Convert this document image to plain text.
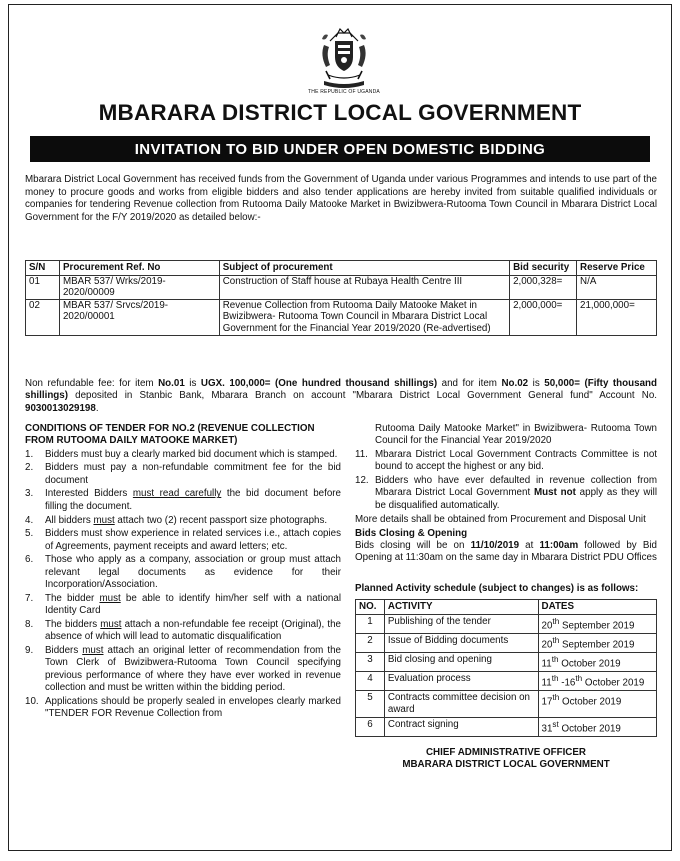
THE REPUBLIC OF UGANDA
MBARARA DISTRICT LOCAL GOVERNMENT
INVITATION TO BID UNDER OPEN DOMESTIC BIDDING
Mbarara District Local Government has received funds from the Government of Uganda under various Programmes and intends to use part of the money to procure goods and works from eligible bidders and also tender applications are hereby invited from suitable qualified individuals or companies for tendering Revenue collection from Rutooma Daily Matooke Market in Bwizibwera-Rutooma Town Council in Mbarara District Local Government for the F/Y 2019/2020 as detailed below:-
S/N	Procurement Ref. No	Subject of procurement	Bid security	Reserve Price
01	MBAR 537/ Wrks/2019-2020/00009	Construction of Staff house at Rubaya Health Centre III	2,000,328=	N/A
02	MBAR 537/ Srvcs/2019-2020/00001	Revenue Collection from Rutooma Daily Matooke Maket in Bwizibwera- Rutooma Town Council in Mbarara District Local Government for the Financial Year 2019/2020 (Re-advertised)	2,000,000=	21,000,000=
Non refundable fee: for item No.01 is UGX. 100,000= (One hundred thousand shillings) and for item No.02 is 50,000= (Fifty thousand shillings) deposited in Stanbic Bank, Mbarara Branch on account "Mbarara District Local Government General fund" Account No. 9030013029198.
CONDITIONS OF TENDER FOR NO.2 (REVENUE COLLECTION FROM RUTOOMA DAILY MATOOKE MARKET)
1.	Bidders must buy a clearly marked bid document which is stamped.
2.	Bidders must pay a non-refundable commitment fee for the bid document
3.	Interested Bidders must read carefully the bid document before filling the document.
4.	All bidders must attach two (2) recent passport size photographs.
5.	Bidders must show experience in related services i.e., attach copies of Agreements, payment receipts and award letters; etc.
6.	Those who apply as a company, association or group must attach relevant legal documents as evidence for their Incorporation/Association.
7.	The bidder must be able to identify him/her self with a national Identity Card
8.	The bidders must attach a non-refundable fee receipt (Original), the absence of which will lead to automatic disqualification
9.	Bidders must attach an original letter of recommendation from the Town Clerk of Bwizibwera-Rutooma Town Council specifying previous performance of where they have ever worked in revenue collection and must be written within the bidding period.
10. Applications should be properly sealed in envelopes clearly marked "TENDER FOR Revenue Collection from
Rutooma Daily Matooke Market" in Bwizibwera- Rutooma Town Council for the Financial Year 2019/2020
11. Mbarara District Local Government Contracts Committee is not bound to accept the highest or any bid.
12. Bidders who have ever defaulted in revenue collection from Mbarara District Local Government Must not apply as they will be disqualified automatically.
More details shall be obtained from Procurement and Disposal Unit
Bids Closing & Opening
Bids closing will be on 11/10/2019 at 11:00am followed by Bid Opening at 11:30am on the same day in Mbarara District PDU Offices
Planned Activity schedule (subject to changes) is as follows:
NO.	ACTIVITY	DATES
1	Publishing of the tender	20th September 2019
2	Issue of Bidding documents	20th September 2019
3	Bid closing and opening	11th October 2019
4	Evaluation process	11th -16th October 2019
5	Contracts committee decision on award	17th October 2019
6	Contract signing	31st October 2019
CHIEF ADMINISTRATIVE OFFICER
MBARARA DISTRICT LOCAL GOVERNMENT
